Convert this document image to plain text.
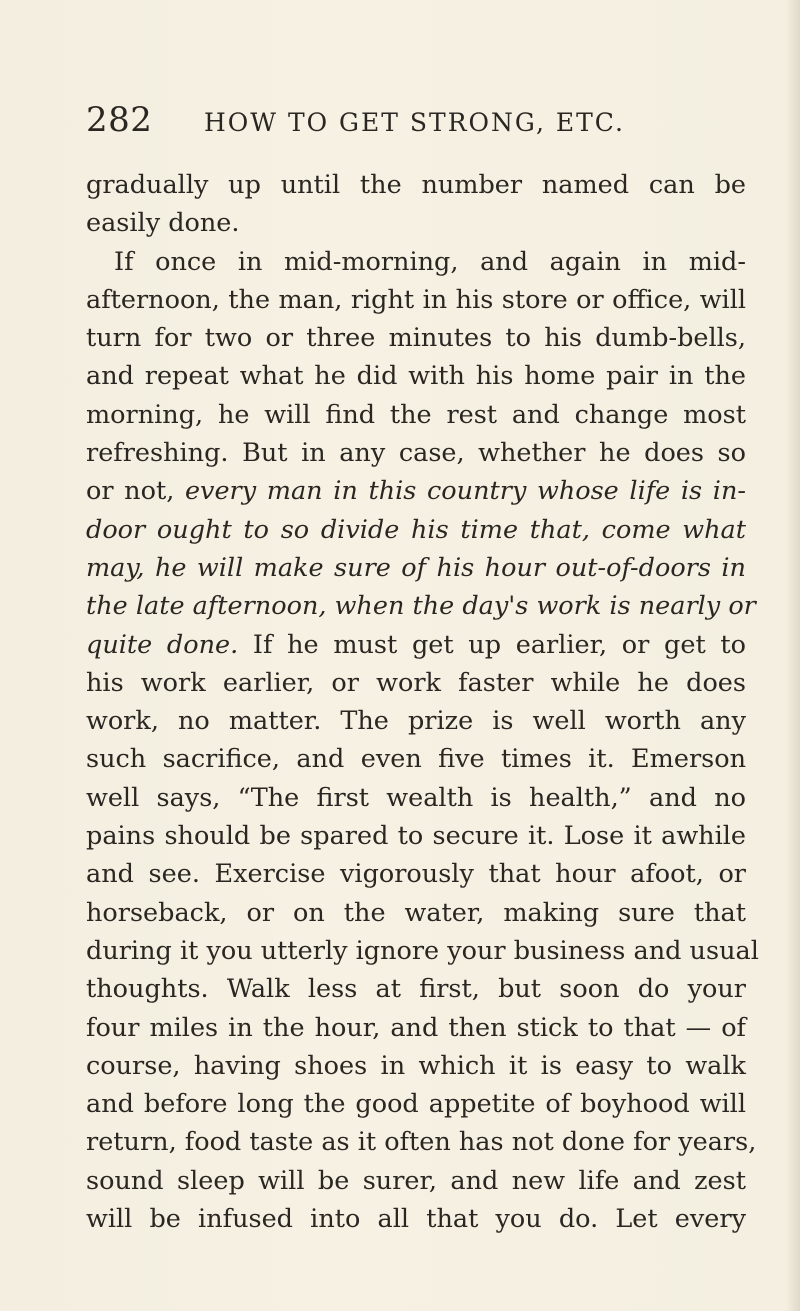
282 HOW TO GET STRONG, ETC.
gradually up until the number named can be
easily done.
If once in mid-morning, and again in mid-
afternoon, the man, right in his store or office, will
turn for two or three minutes to his dumb-bells,
and repeat what he did with his home pair in the
morning, he will find the rest and change most
refreshing. But in any case, whether he does so
or not, every man in this country whose life is in-
door ought to so divide his time that, come what
may, he will make sure of his hour out-of-doors in
the late afternoon, when the day's work is nearly or
quite done. If he must get up earlier, or get to
his work earlier, or work faster while he does
work, no matter. The prize is well worth any
such sacrifice, and even five times it. Emerson
well says, “The first wealth is health,” and no
pains should be spared to secure it. Lose it awhile
and see. Exercise vigorously that hour afoot, or
horseback, or on the water, making sure that
during it you utterly ignore your business and usual
thoughts. Walk less at first, but soon do your
four miles in the hour, and then stick to that — of
course, having shoes in which it is easy to walk
and before long the good appetite of boyhood will
return, food taste as it often has not done for years,
sound sleep will be surer, and new life and zest
will be infused into all that you do. Let every
